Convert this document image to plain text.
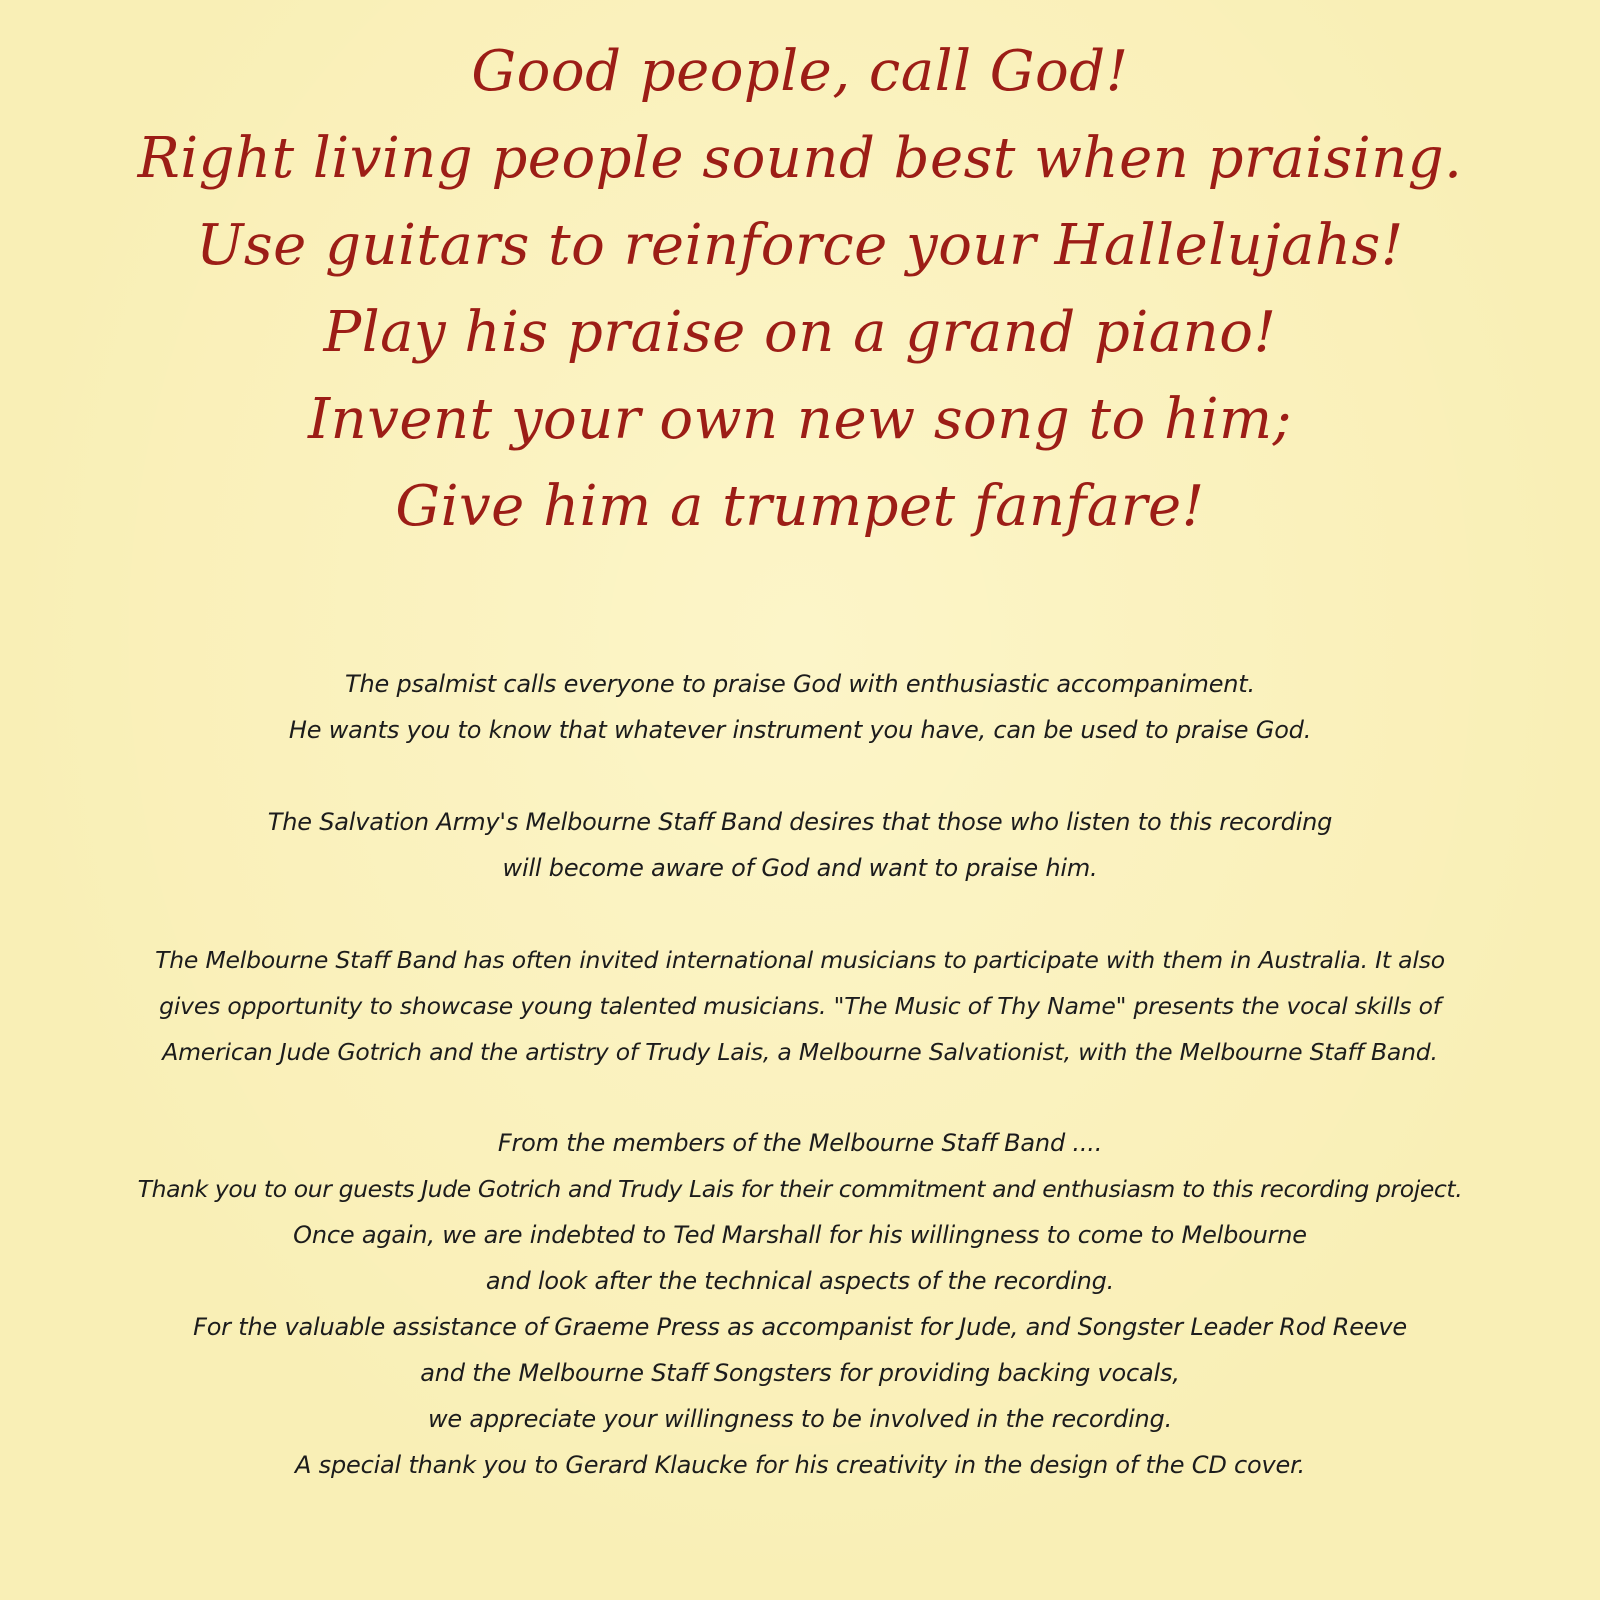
Good people, call God!
Right living people sound best when praising.
Use guitars to reinforce your Hallelujahs!
Play his praise on a grand piano!
Invent your own new song to him;
Give him a trumpet fanfare!
The psalmist calls everyone to praise God with enthusiastic accompaniment.
He wants you to know that whatever instrument you have, can be used to praise God.
The Salvation Army's Melbourne Staff Band desires that those who listen to this recording
will become aware of God and want to praise him.
The Melbourne Staff Band has often invited international musicians to participate with them in Australia. It also
gives opportunity to showcase young talented musicians. "The Music of Thy Name" presents the vocal skills of
American Jude Gotrich and the artistry of Trudy Lais, a Melbourne Salvationist, with the Melbourne Staff Band.
From the members of the Melbourne Staff Band ....
Thank you to our guests Jude Gotrich and Trudy Lais for their commitment and enthusiasm to this recording project.
Once again, we are indebted to Ted Marshall for his willingness to come to Melbourne
and look after the technical aspects of the recording.
For the valuable assistance of Graeme Press as accompanist for Jude, and Songster Leader Rod Reeve
and the Melbourne Staff Songsters for providing backing vocals,
we appreciate your willingness to be involved in the recording.
A special thank you to Gerard Klaucke for his creativity in the design of the CD cover.
